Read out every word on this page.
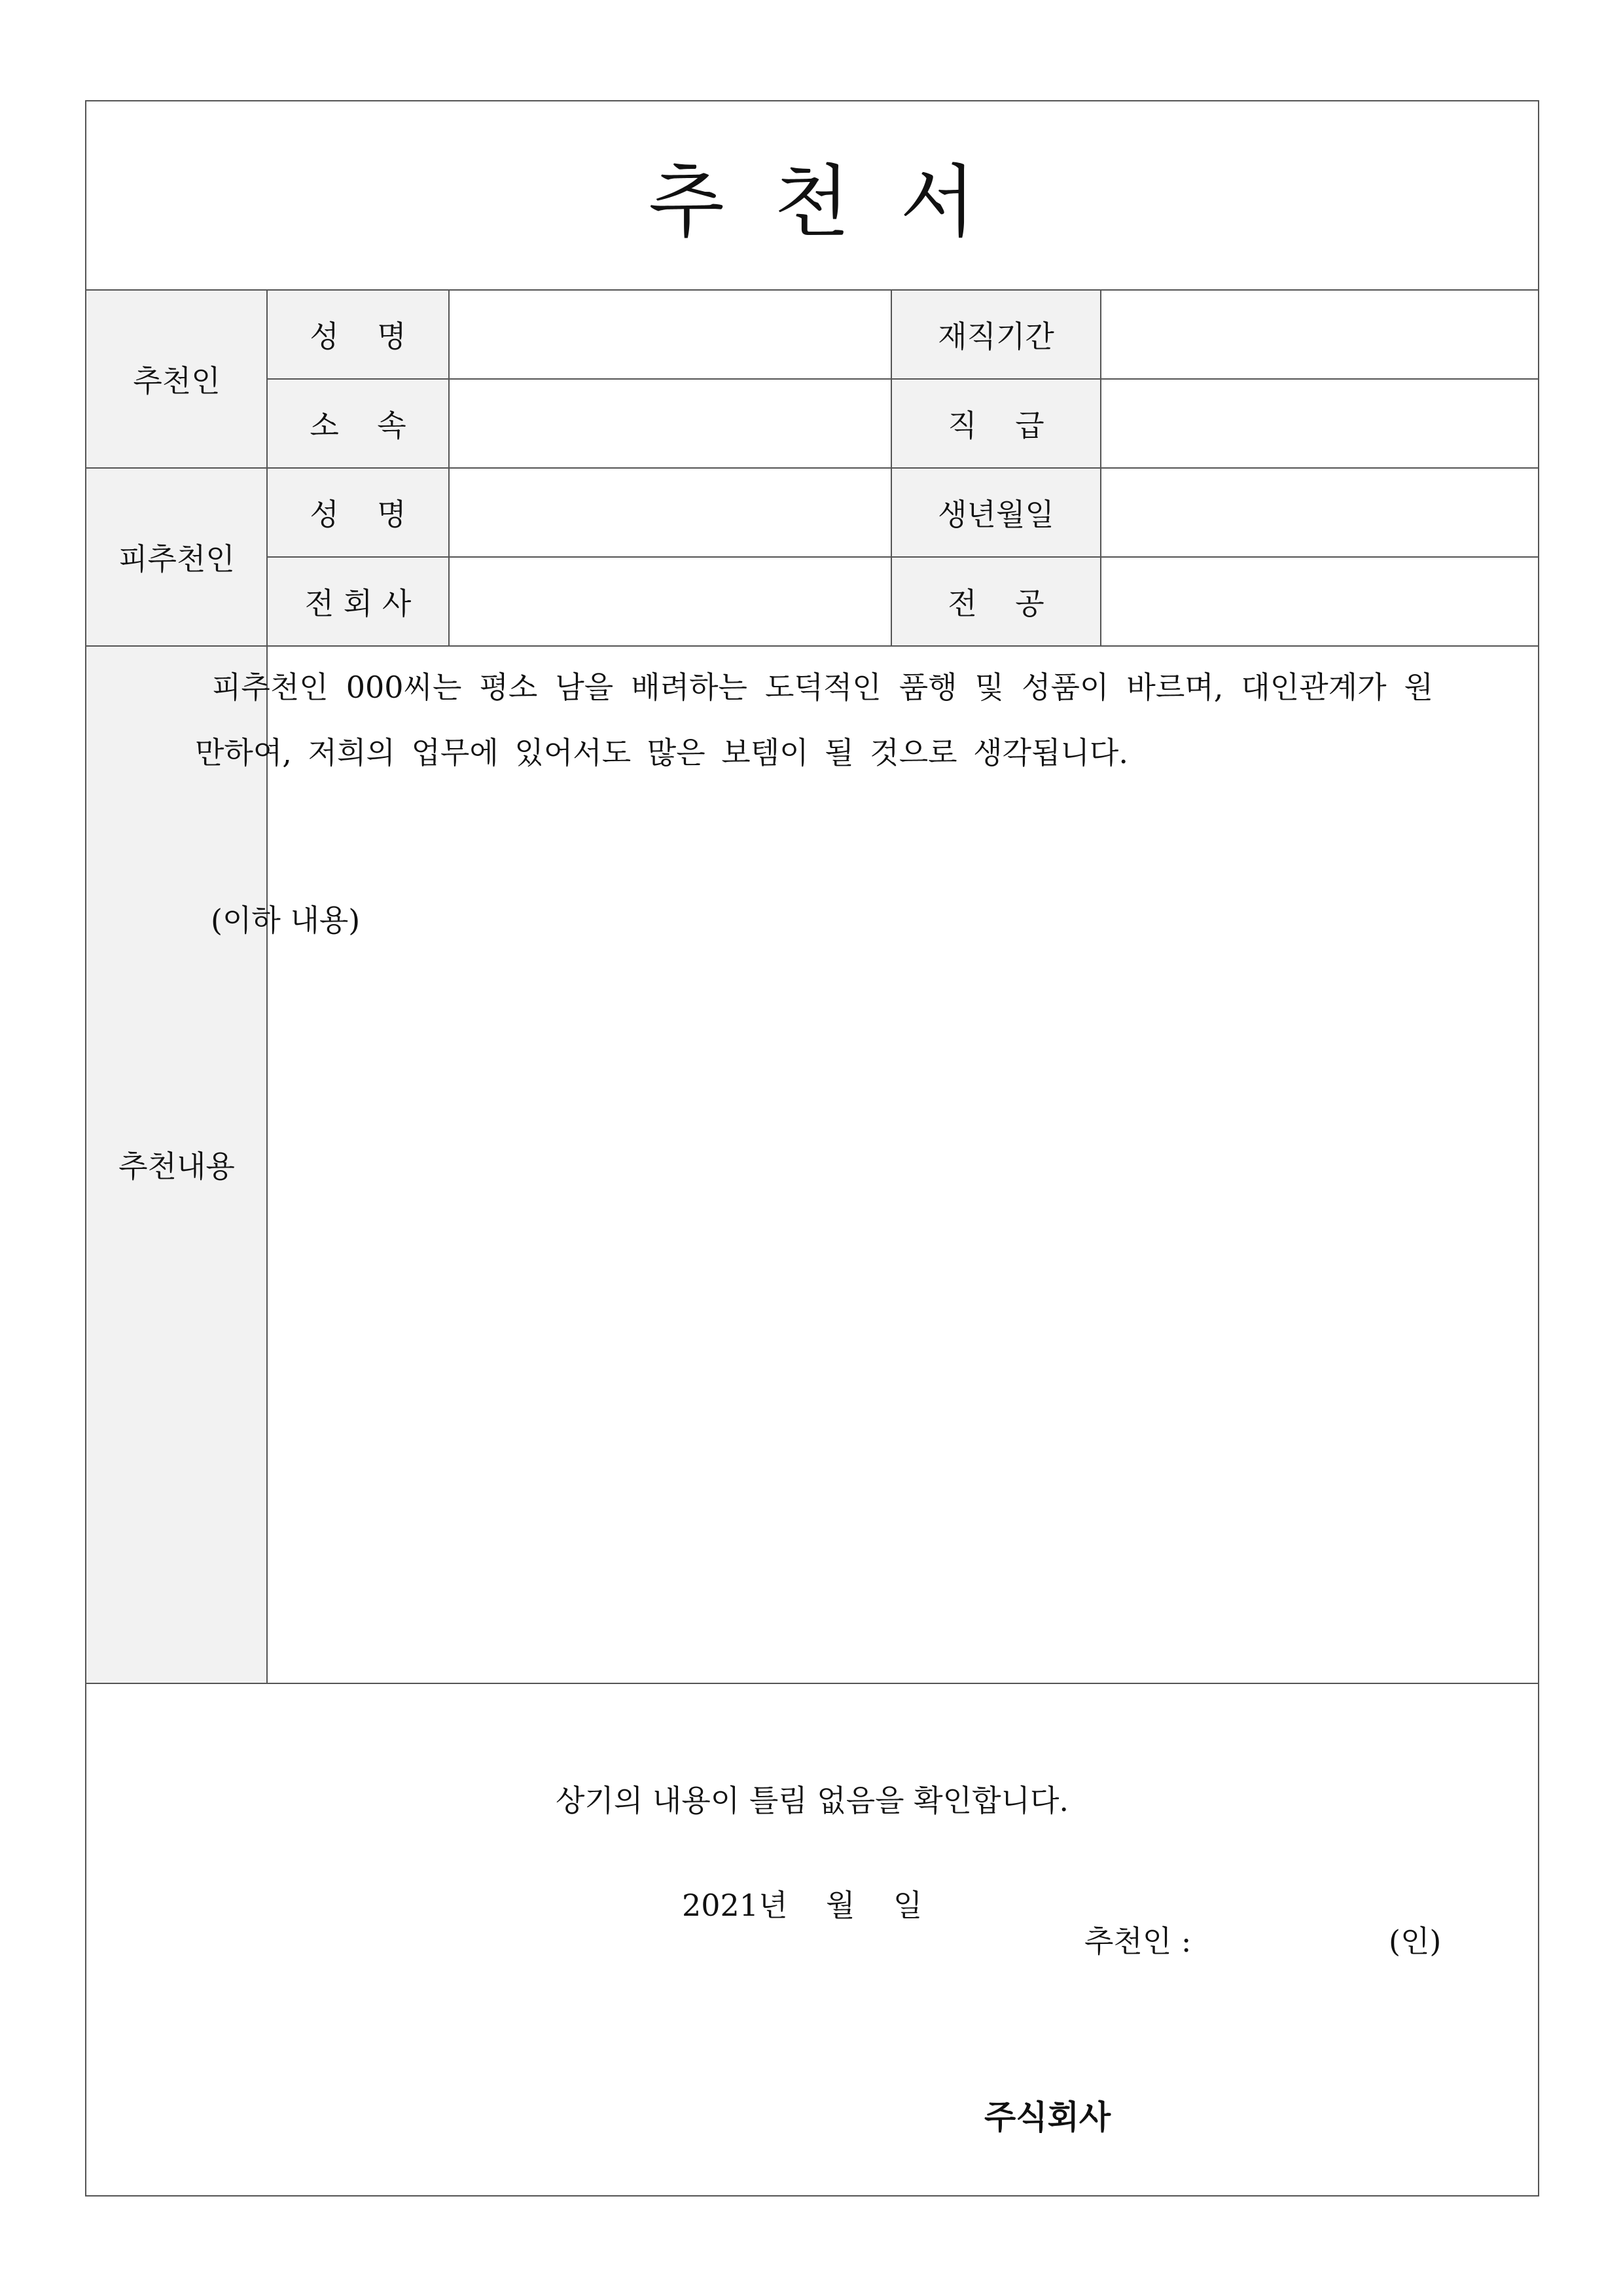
추  천  서
추천인
성    명
소    속
재직기간
직    급
피추천인
성    명
전 회 사
생년월일
전    공
추천내용
상기의 내용이 틀림 없음을 확인합니다.
2021년    월    일
추천인 :	(인)
주식회사

피추천인 000씨는 평소 남을 배려하는 도덕적인 품행 및 성품이 바르며, 대인관계가 원만하여, 저희의 업무에 있어서도 많은 보템이 될 것으로 생각됩니다.

(이하 내용)
